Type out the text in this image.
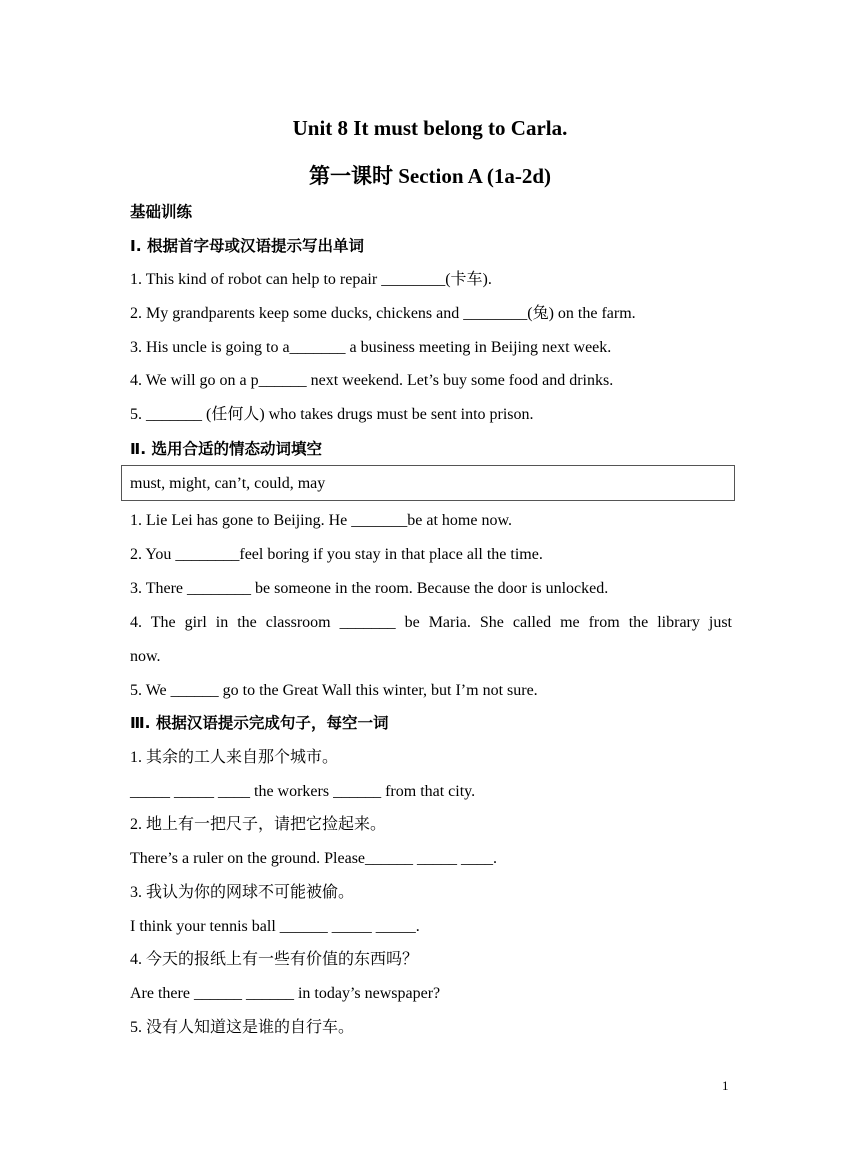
Unit 8 It must belong to Carla.
第一课时 Section A (1a-2d)
基础训练
Ⅰ. 根据首字母或汉语提示写出单词
1. This kind of robot can help to repair ________(卡车).
2. My grandparents keep some ducks, chickens and ________(兔) on the farm.
3. His uncle is going to a_______ a business meeting in Beijing next week.
4. We will go on a p______ next weekend. Let’s buy some food and drinks.
5. _______ (任何人) who takes drugs must be sent into prison.
Ⅱ. 选用合适的情态动词填空
must, might, can’t, could, may
1. Lie Lei has gone to Beijing. He _______be at home now.
2. You ________feel boring if you stay in that place all the time.
3. There ________ be someone in the room. Because the door is unlocked.
4. The girl in the classroom _______ be Maria. She called me from the library just
now.
5. We ______ go to the Great Wall this winter, but I’m not sure.
Ⅲ. 根据汉语提示完成句子，每空一词
1. 其余的工人来自那个城市。
_____ _____ ____ the workers ______ from that city.
2. 地上有一把尺子，请把它捡起来。
There’s a ruler on the ground. Please______ _____ ____.
3. 我认为你的网球不可能被偷。
I think your tennis ball ______ _____ _____.
4. 今天的报纸上有一些有价值的东西吗？
Are there ______ ______ in today’s newspaper?
5. 没有人知道这是谁的自行车。
1
